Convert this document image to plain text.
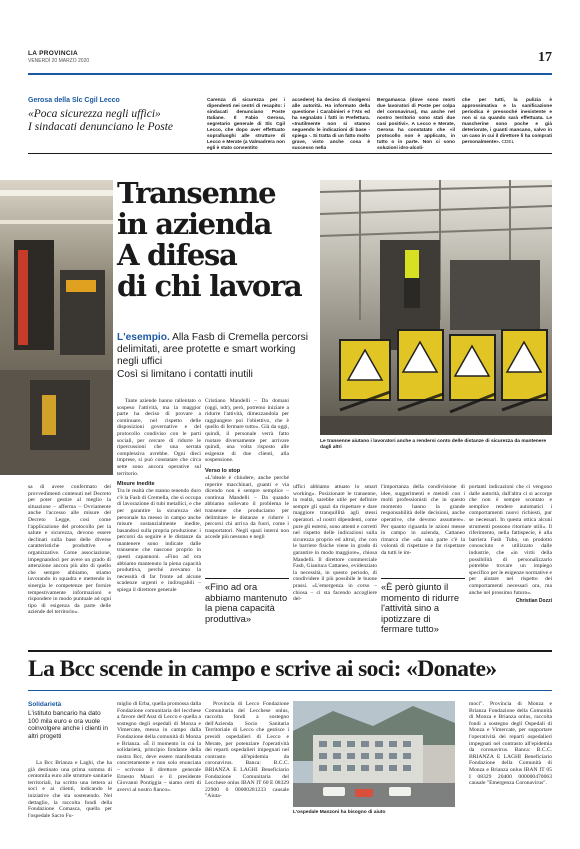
LA PROVINCIA
VENERDÌ 20 MARZO 2020	17
Gerosa della Slc Cgil Lecco
«Poca sicurezza negli uffici»
I sindacati denunciano le Poste
Carenza di sicurezza per i dipendenti nei centri di recapito: i sindacati denunciano Poste Italiane. Il Fabio Gerosa, segretario generale di Slc Cgil Lecco, che dopo aver effettuato sopralluoghi alle strutture di Lecco e Merate (a Valmadrera non egli è stato consentito
accedere) ha deciso di rivolgersi alle autorità. Ha informato della questione i Carabinieri e l'Ats ed ha segnalato i fatti in Prefettura. «Inutilmente non si stanno seguendo le indicazioni di base - spiega -. Si tratta di un fatto molto grave, visto anche cosa è successo nella
Bergamasca (dove sono morti due lavoratori di Poste per colpa del coronavirus), ma anche nel nostro territorio sono stati due casi positivi». A Lecco e Merate, Gerosa ha constatato che «il protocollo non è applicato, in tutto o in parte. Non ci sono soluzioni idro-alcoli-
che per tutti, la pulizia è approssimativa e la sanificazione periodica è pressoché inesistente e non si sa quando sarà effettuata. Le mascherine sono poche e già deteriorate, i guanti mancano, salvo in un caso in cui il direttore li ha comprati personalmente». CDEL
Transenne
in azienda
A difesa
di chi lavora
L'esempio. Alla Fasb di Cremella percorsi delimitati, aree protette e smart working negli uffici
Così si limitano i contatti inutili
Le transenne aiutano i lavoratori anche a rendersi conto delle distanze di sicurezza da mantenere dagli altri
sa di avere confermato dei provvedimenti contenuti nel Decreto per poter gestire al meglio la situazione – afferma – Ovviamente anche l'accesso alle misure del Decreto Legge, così come l'applicazione del protocollo per la salute e sicurezza, devono essere declinati sulla base delle diverse caratteristiche produttive e organizzative. Come associazione, impegnandoci per avere un grado di attenzione ancora più alto di quello che sempre abbiamo, stiamo lavorando in squadra e mettendo in sinergia le competenze per fornire tempestivamente informazioni e rispondere in modo puntuale ad ogni tipo di esigenza da parte delle aziende del territorio».
Tante aziende hanno rallentato o sospeso l'attività, ma la maggior parte ha deciso di provare a continuare, nel rispetto delle disposizioni governative e del protocollo condiviso con le parti sociali, per cercare di ridurre le ripercussioni che una serrata complessiva avrebbe. Ogni dieci imprese, si può constatare che circa sette sono ancora operative sul territorio.
Misure inedite
Tra le realtà che stanno tenendo duro c'è la Fasb di Cremella, che si occupa di lavorazione di tubi metallici, e che per garantire la sicurezza del personale ha messo in campo anche misure sostanzialmente inedite, basandosi sulla propria produzione: i percorsi da seguire e le distanze da mantenere sono indicate dalle transenne che nascono proprio in questi capannoni. «Fino ad ora abbiamo mantenuto la piena capacità produttiva, perché avevamo la necessità di far fronte ad alcune scadenze urgenti e indirogabili – spiega il direttore generale
Cristiano Mandelli – Da domani (oggi, ndr), però, potremo iniziare a ridurre l'attività, dimezzandola per raggiungere poi l'obiettivo, che è quello di fermare tutto». Già da oggi, quindi, il personale verrà fatto ruotare diversamente per arrivare quindi, una volta risposto alle esigenze di due clienti, alla sospensione.
Verso lo stop
«L'ideale è chiudere, anche perché reperire macchinari, guanti e via dicendo non è sempre semplice – continua Mandelli – Da quando abbiamo sollevato il problema le transenne che produciamo per delimitare le distanze e ridurre i percorsi chi arriva da fuori, come i trasportatori. Negli spazi interni non accede più nessuno e negli
«Fino ad ora abbiamo mantenuto la piena capacità produttiva»
uffici abbiamo attuato lo smart working». Posizionare le transenne, in realtà, sarebbe utile per definire sempre gli spazi da rispettare e dare maggiore tranquillità agli stessi operatori. «I nostri dipendenti, come pure gli esterni, sono attenti e corretti nel rispetto delle indicazioni sulla sicurezza proprio ed altrui, che con le barriere fisiche viene in grado di garantire in modo maggiore», chiosa Mandelli. Il direttore commerciale Fasb, Gianluca Cattaneo, evidenziato la necessità, in questo periodo, di condividere il più possibile le buone prassi. «L'emergenza in corso – chiosa – ci sta facendo accogliere del-
l'importanza della condivisione di idee, suggerimenti e metodi con i molti professionisti che in questo momento hanno la grande responsabilità delle decisioni, anche operative, che devono assumere». Per quanto riguarda le azioni messe in campo in azienda, Cattaneo rimarca che «da una parte c'è la volontà di rispettare e far rispettare da tutti le im-
«È però giunto il momento di ridurre l'attività sino a ipotizzare di fermare tutto»
portanti indicazioni che ci vengono dalle autorità, dall'altra ci si accorge che non è sempre scontato e semplice rendere automatici i comportamenti nuovi richiesti, pur se necessari. In questa ottica alcuni strumenti possono ritornare utili». Il riferimento, nella fattispecie, è alla barriera Fasb Tubo, un prodotto conosciuto e utilizzato dalle industrie, che «in virtù della possibilità di personalizzarlo potrebbe trovare un impiego specifico per le esigenze normative e per aiutare nel rispetto dei comportamenti necessari ora, ma anche nel prossimo futuro».
Christian Dozzi
La Bcc scende in campo e scrive ai soci: «Donate»
Solidarietà
L'istituto bancario ha dato 100 mila euro e ora vuole coinvolgere anche i clienti in altri progetti
La Bcc Brianza e Laghi, che ha già destinato una prima somma di centomila euro alle strutture sanitarie territoriali, ha scritto una lettera ai soci e ai clienti, indicando le iniziative che sta sostenendo. Nel dettaglio, la raccolta fondi della Fondazione Comasca, quella per l'ospedale Sacro Fu-
miglio di Erba, quella promossa dalla Fondazione comunitaria del lecchese a favore dell'Asst di Lecco e quella a sostegno degli ospedali di Monza e Vimercate, messa in campo dalla Fondazione della comunità di Monza e Brianza. «È il momento in cui la solidarietà, principio fondante della nostra Bcc, deve essere manifestata concretamente e non solo enunciata – scrivono il direttore generale Ernesto Mauri e il presidente Giovanni Pontiggia – siamo certi di avervi al nostro fianco».
Provincia di Lecco Fondazione Comunitaria del Lecchese onlus, raccolta fondi a sostegno dell'Azienda Socio Sanitaria Territoriale di Lecco che gestisce i presidi ospedalieri di Lecco e Merate, per potenziare l'operatività dei reparti ospedalieri impegnati nel contrasto all'epidemia da coronavirus. Banca: B.C.C. BRIANZA E LAGHI Beneficiario Fondazione Comunitaria del Lecchese onlus IBAN IT 60 E 08329 22900 0 00000281233 causale "Aiuta-
L'ospedale Manzoni ha bisogno di aiuto
moci". Provincia di Monza e Brianza Fondazione della Comunità di Monza e Brianza onlus, raccolta fondi a sostegno degli Ospedali di Monza e Vimercate, per supportare l'operatività dei reparti ospedalieri impegnati nel contrasto all'epidemia da coronavirus. Banca: B.C.C. BRIANZA E LAGHI Beneficiario Fondazione della Comunità di Monza e Brianza onlus IBAN IT 05 I 08329 20400 000000470063 causale "Emergenza Coronavirus".
